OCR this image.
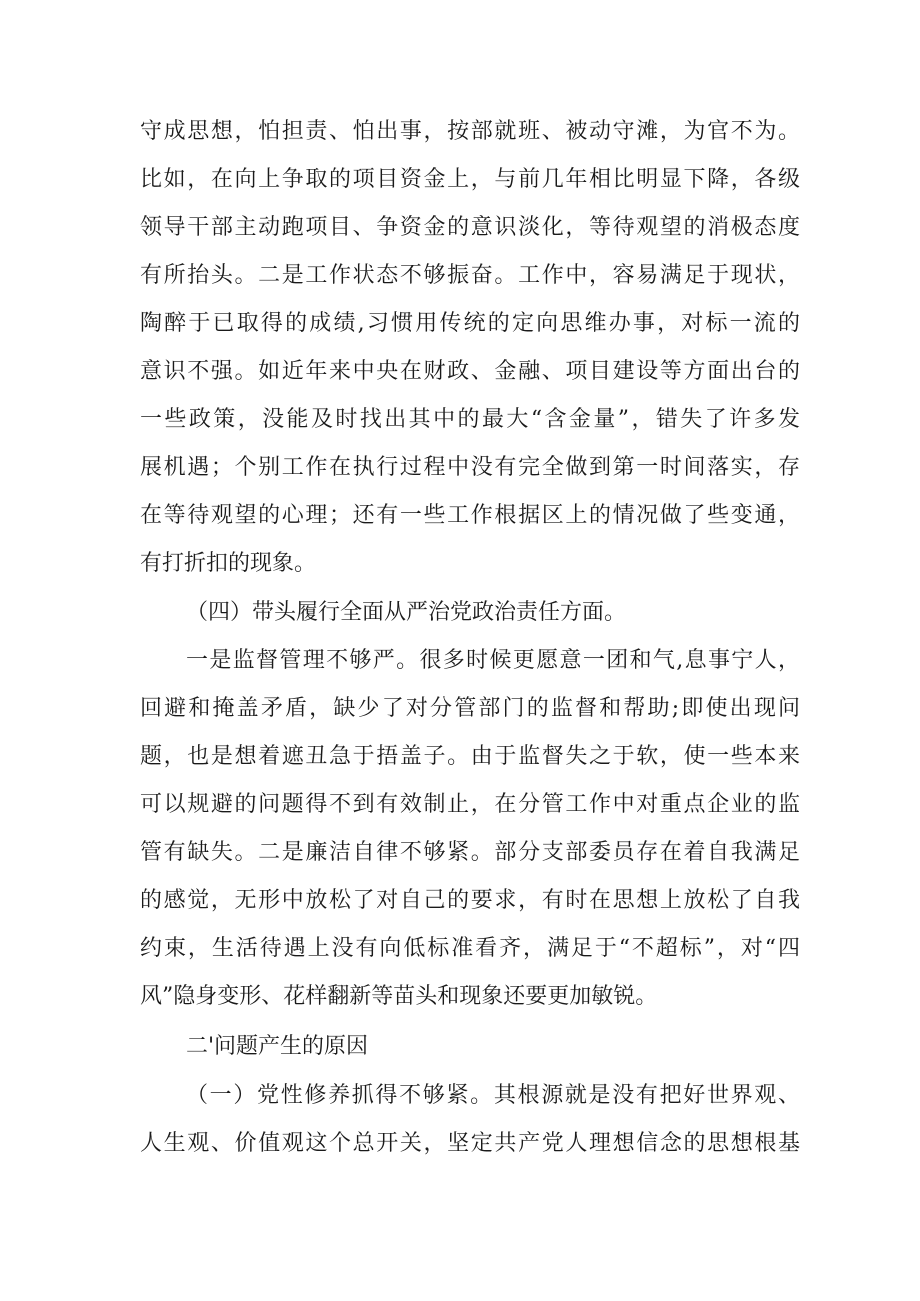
守成思想，怕担责、怕出事，按部就班、被动守滩，为官不为。
比如，在向上争取的项目资金上，与前几年相比明显下降，各级
领导干部主动跑项目、争资金的意识淡化，等待观望的消极态度
有所抬头。二是工作状态不够振奋。工作中，容易满足于现状，
陶醉于已取得的成绩,习惯用传统的定向思维办事，对标一流的
意识不强。如近年来中央在财政、金融、项目建设等方面出台的
一些政策，没能及时找出其中的最大“含金量”，错失了许多发
展机遇；个别工作在执行过程中没有完全做到第一时间落实，存
在等待观望的心理；还有一些工作根据区上的情况做了些变通，
有打折扣的现象。
（四）带头履行全面从严治党政治责任方面。
一是监督管理不够严。很多时候更愿意一团和气,息事宁人，
回避和掩盖矛盾，缺少了对分管部门的监督和帮助;即使出现问
题，也是想着遮丑急于捂盖子。由于监督失之于软，使一些本来
可以规避的问题得不到有效制止，在分管工作中对重点企业的监
管有缺失。二是廉洁自律不够紧。部分支部委员存在着自我满足
的感觉，无形中放松了对自己的要求，有时在思想上放松了自我
约束，生活待遇上没有向低标准看齐，满足于“不超标”，对“四
风”隐身变形、花样翻新等苗头和现象还要更加敏锐。
二'问题产生的原因
（一）党性修养抓得不够紧。其根源就是没有把好世界观、
人生观、价值观这个总开关，坚定共产党人理想信念的思想根基
